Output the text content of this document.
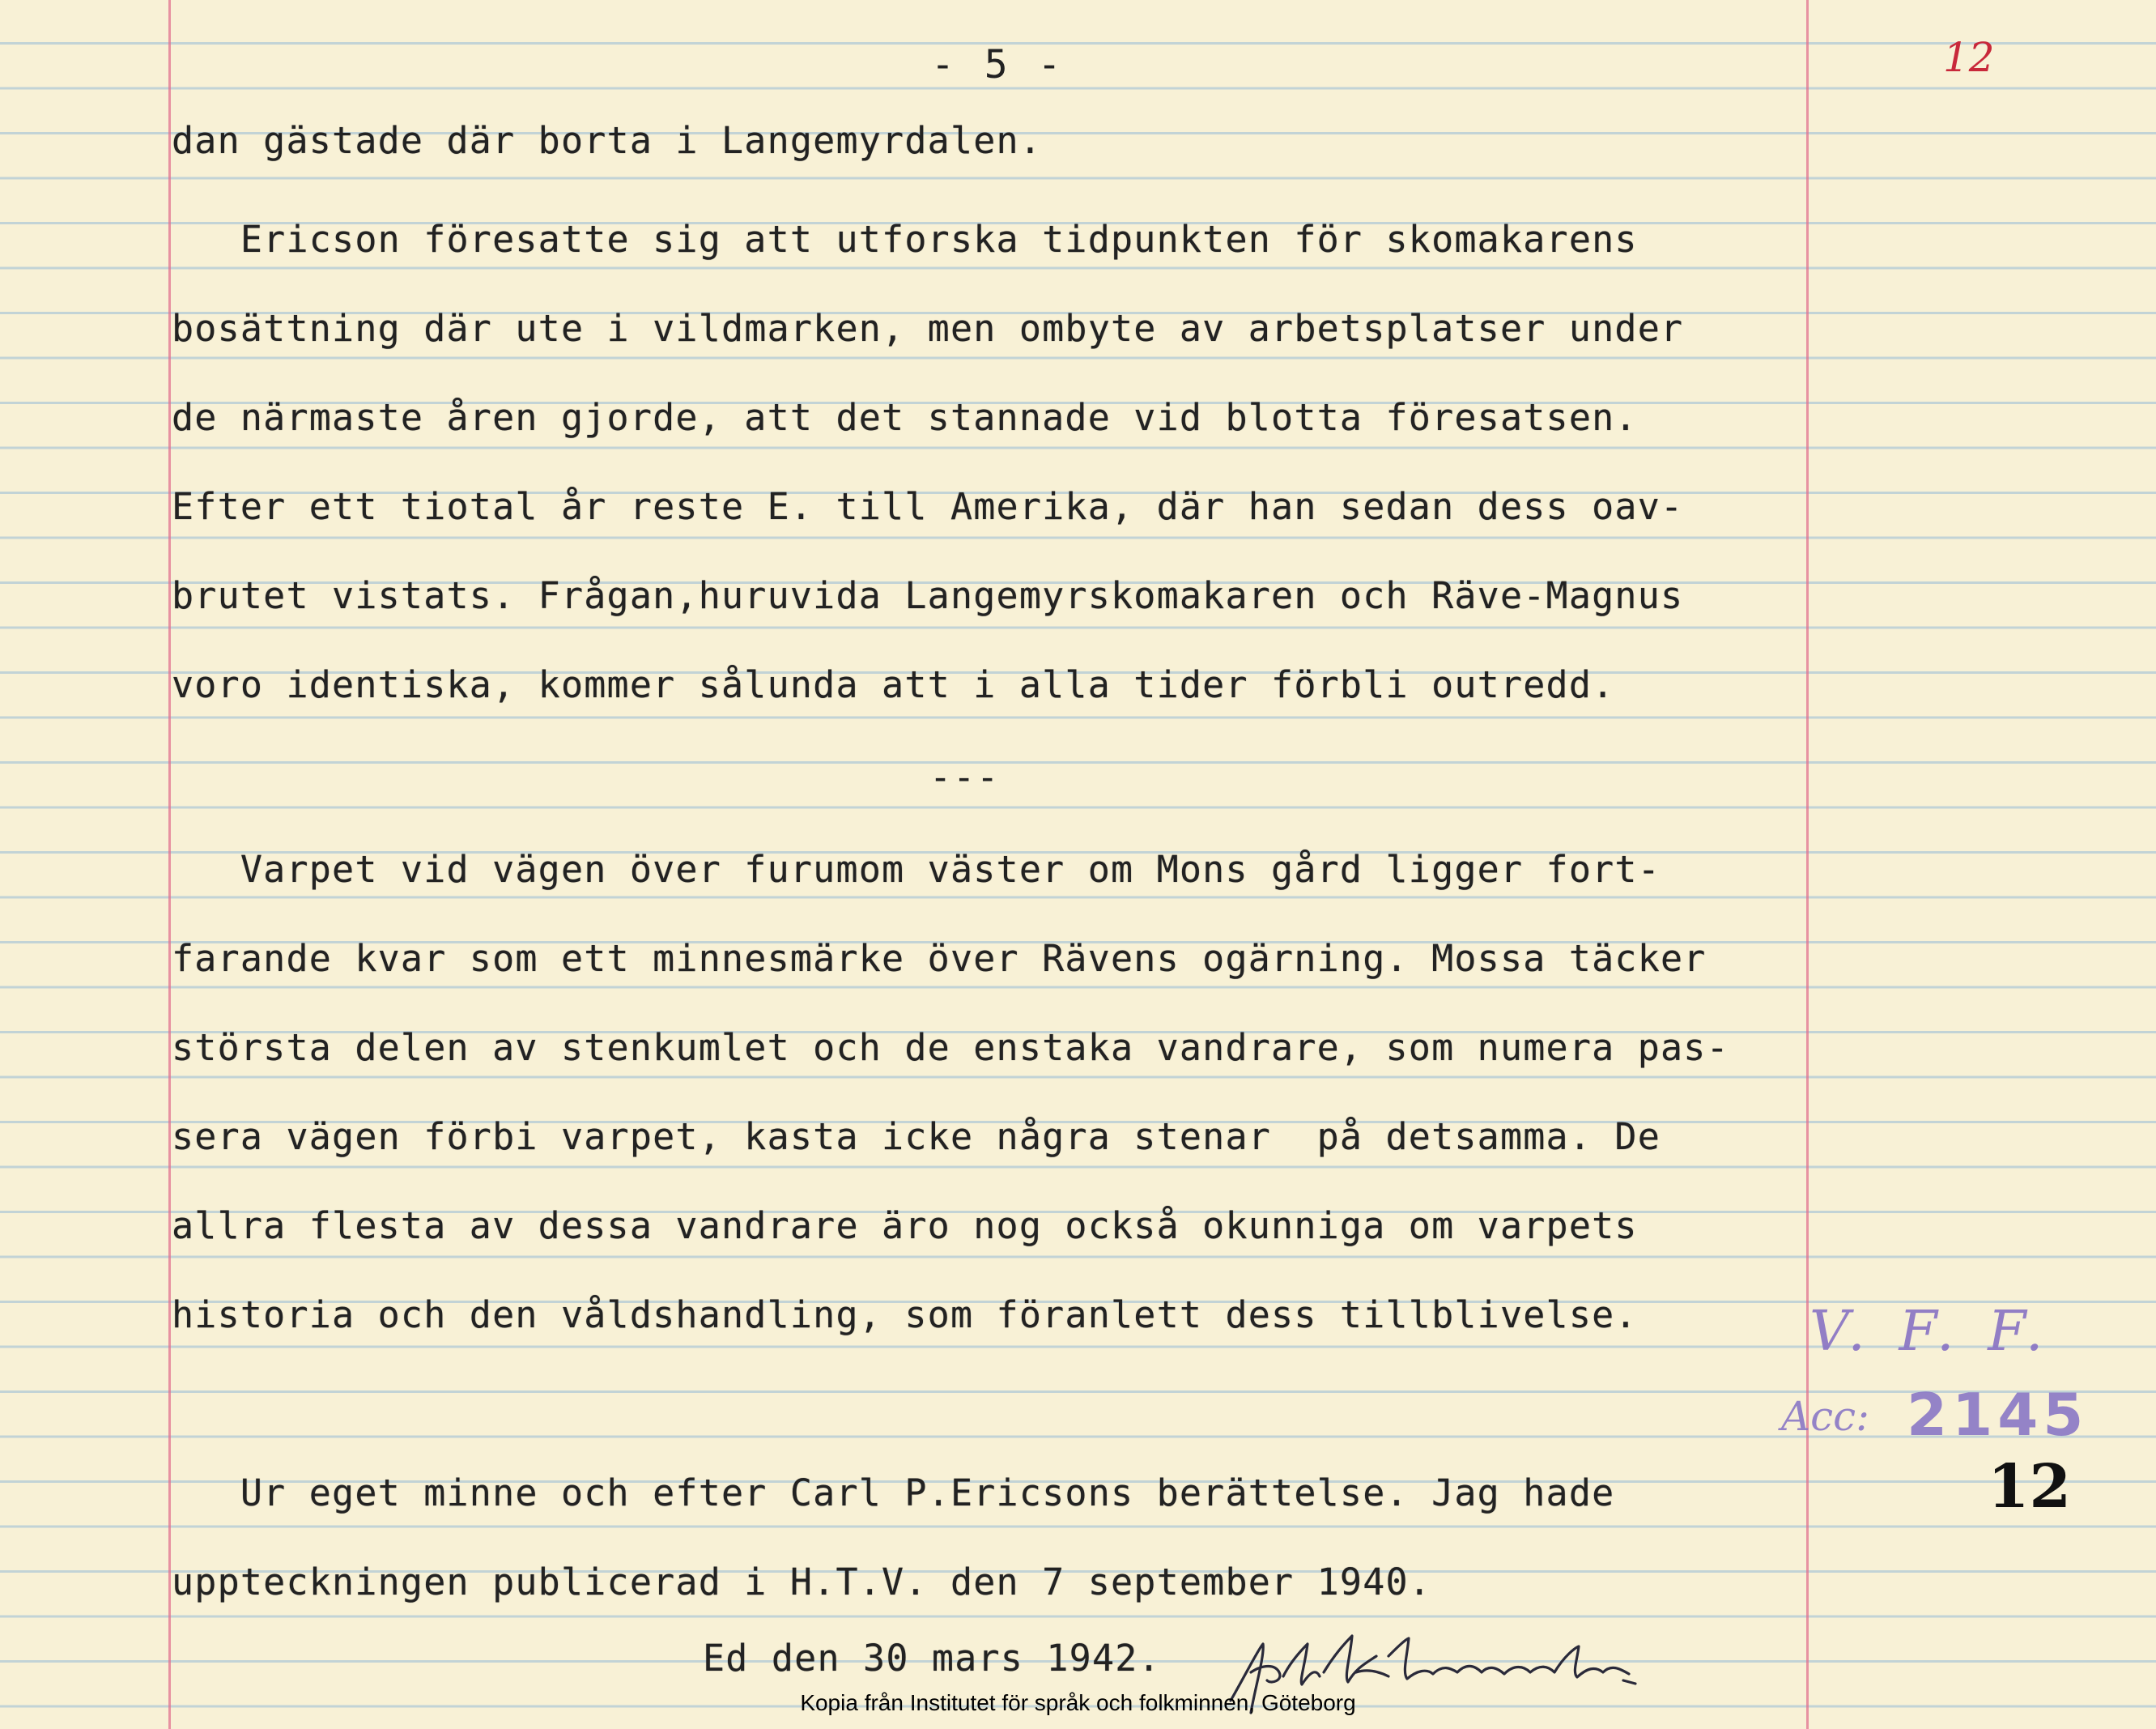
- 5 -	12
dan gästade där borta i Langemyrdalen.
Ericson föresatte sig att utforska tidpunkten för skomakarens
bosättning där ute i vildmarken, men ombyte av arbetsplatser under
de närmaste åren gjorde, att det stannade vid blotta föresatsen.
Efter ett tiotal år reste E. till Amerika, där han sedan dess oav-
brutet vistats. Frågan,huruvida Langemyrskomakaren och Räve-Magnus
voro identiska, kommer sålunda att i alla tider förbli outredd.
---
Varpet vid vägen över furumom väster om Mons gård ligger fort-
farande kvar som ett minnesmärke över Rävens ogärning. Mossa täcker
största delen av stenkumlet och de enstaka vandrare, som numera pas-
sera vägen förbi varpet, kasta icke några stenar  på detsamma. De
allra flesta av dessa vandrare äro nog också okunniga om varpets
historia och den våldshandling, som föranlett dess tillblivelse.
Ur eget minne och efter Carl P.Ericsons berättelse. Jag hade
uppteckningen publicerad i H.T.V. den 7 september 1940.
Ed den 30 mars 1942.
V. F. F.
Acc: 2145
12
Kopia från Institutet för språk och folkminnen, Göteborg
